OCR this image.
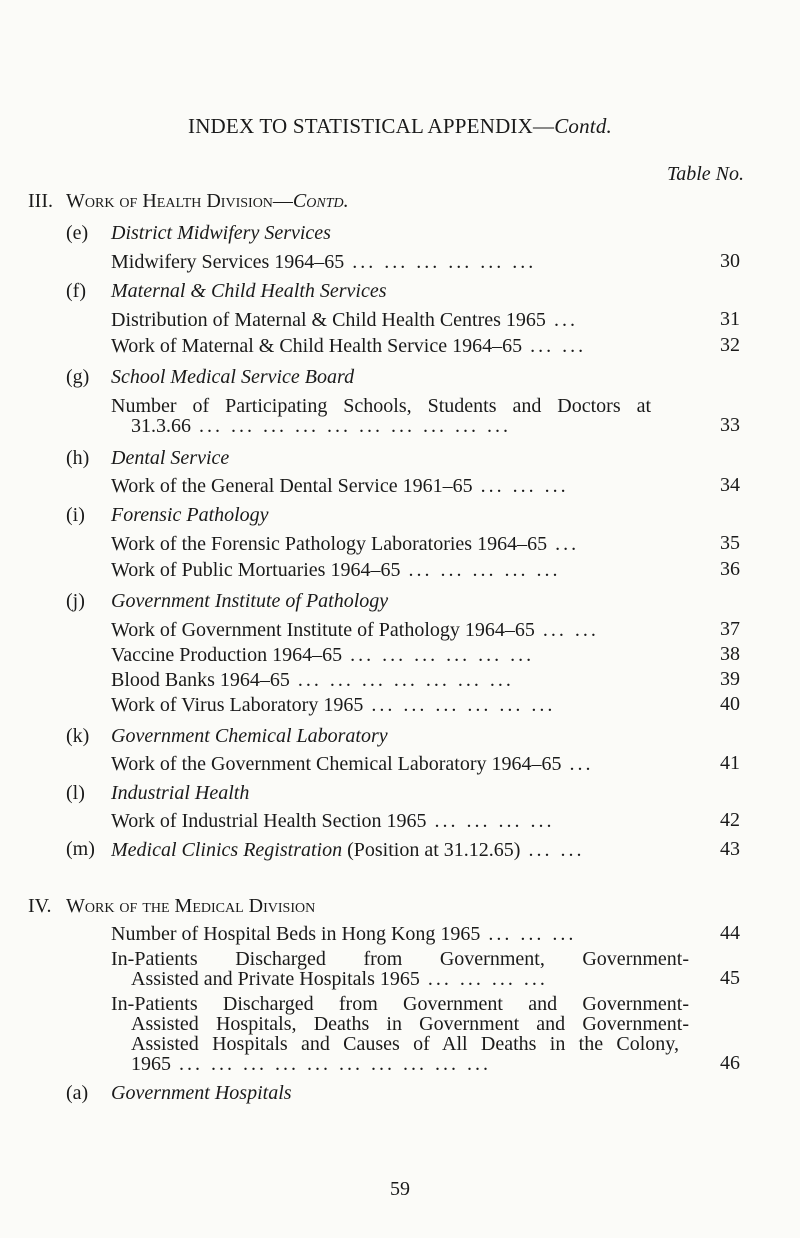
INDEX TO STATISTICAL APPENDIX—Contd.
Table No.
III. Work of Health Division—Contd.
(e) District Midwifery Services
Midwifery Services 1964–65 ... ... ... ... ... ...	30
(f) Maternal & Child Health Services
Distribution of Maternal & Child Health Centres 1965 ...	31
Work of Maternal & Child Health Service 1964–65 ... ...	32
(g) School Medical Service Board
Number of Participating Schools, Students and Doctors at
31.3.66 ... ... ... ... ... ... ... ... ... ...	33
(h) Dental Service
Work of the General Dental Service 1961–65 ... ... ...	34
(i) Forensic Pathology
Work of the Forensic Pathology Laboratories 1964–65 ...	35
Work of Public Mortuaries 1964–65 ... ... ... ... ...	36
(j) Government Institute of Pathology
Work of Government Institute of Pathology 1964–65 ... ...	37
Vaccine Production 1964–65 ... ... ... ... ... ...	38
Blood Banks 1964–65 ... ... ... ... ... ... ...	39
Work of Virus Laboratory 1965 ... ... ... ... ... ...	40
(k) Government Chemical Laboratory
Work of the Government Chemical Laboratory 1964–65 ...	41
(l) Industrial Health
Work of Industrial Health Section 1965 ... ... ... ...	42
(m) Medical Clinics Registration (Position at 31.12.65) ... ...	43
IV. Work of the Medical Division
Number of Hospital Beds in Hong Kong 1965 ... ... ...	44
In-Patients Discharged from Government, Government-
Assisted and Private Hospitals 1965 ... ... ... ...	45
In-Patients Discharged from Government and Government-
Assisted Hospitals, Deaths in Government and Government-
Assisted Hospitals and Causes of All Deaths in the Colony,
1965 ... ... ... ... ... ... ... ... ... ...	46
(a) Government Hospitals
59
